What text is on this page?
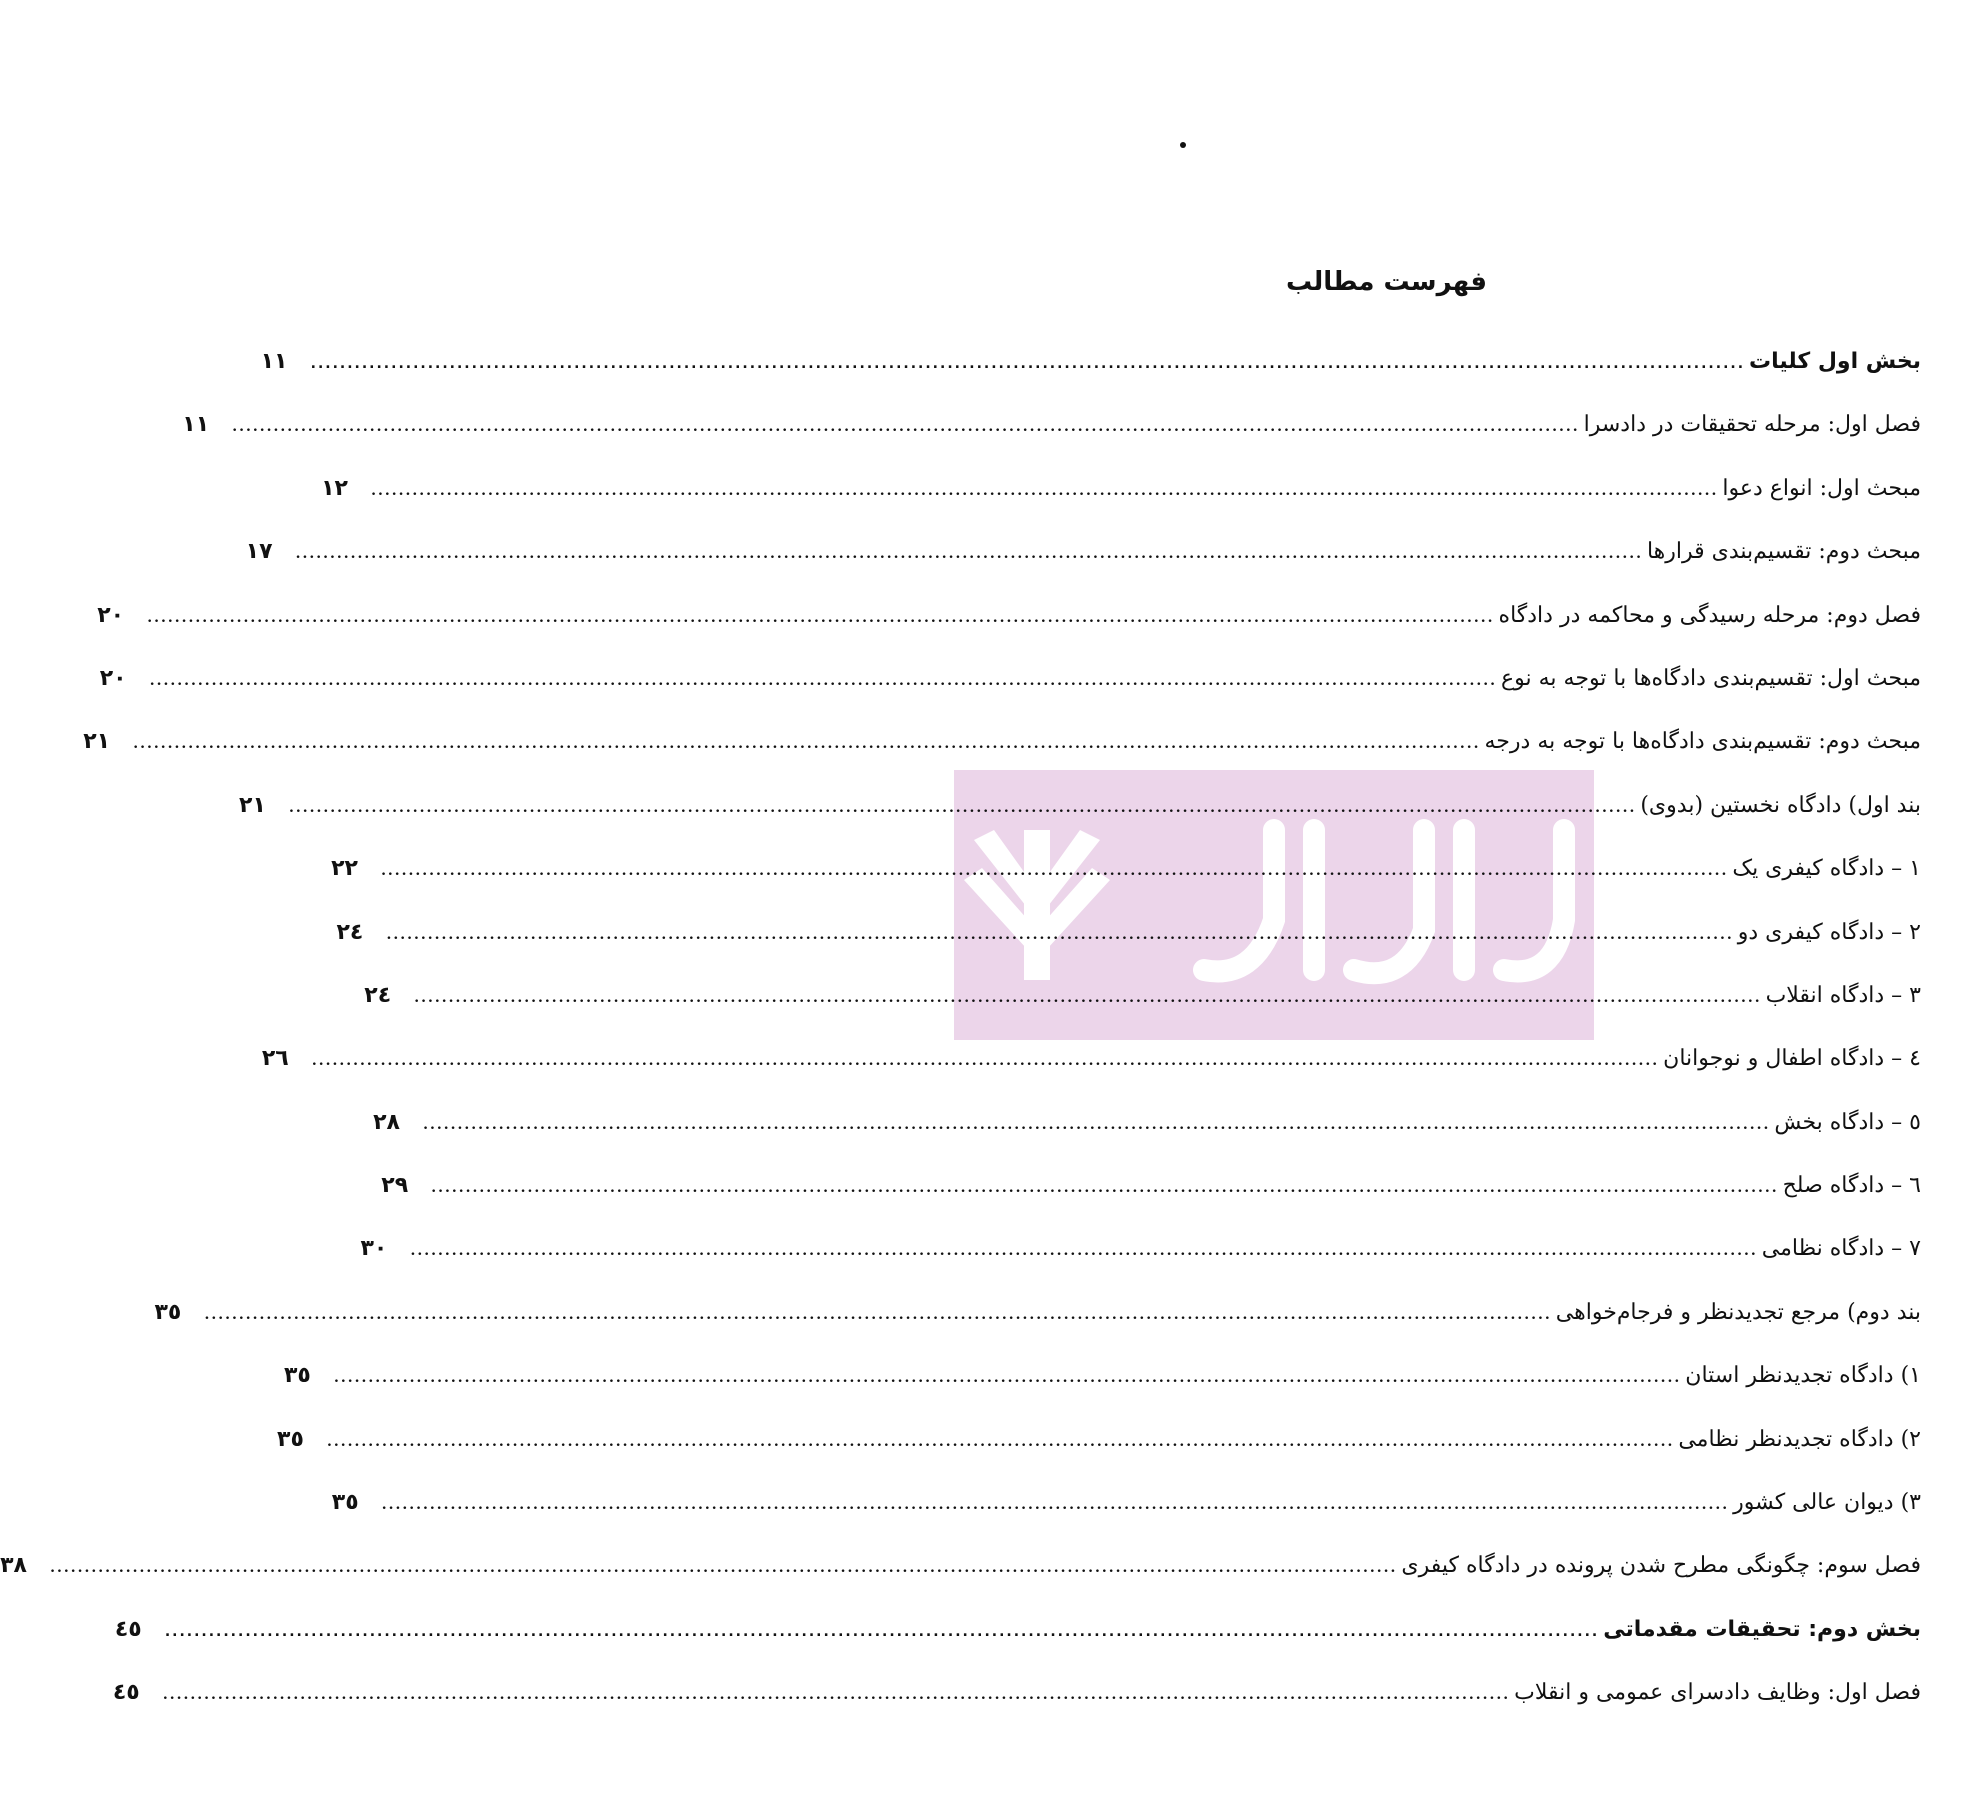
فهرست مطالب
بخش اول کلیات
....................................................................................................................................................................................................
۱۱
فصل اول: مرحله تحقیقات در دادسرا
....................................................................................................................................................................................................
۱۱
مبحث اول: انواع دعوا
....................................................................................................................................................................................................
۱۲
مبحث دوم: تقسیم‌بندی قرارها
....................................................................................................................................................................................................
۱۷
فصل دوم: مرحله رسیدگی و محاکمه در دادگاه
....................................................................................................................................................................................................
۲۰
مبحث اول: تقسیم‌بندی دادگاه‌ها با توجه به نوع
....................................................................................................................................................................................................
۲۰
مبحث دوم: تقسیم‌بندی دادگاه‌ها با توجه به درجه
....................................................................................................................................................................................................
۲۱
بند اول) دادگاه نخستین (بدوی)
....................................................................................................................................................................................................
۲۱
۱ – دادگاه کیفری یک
....................................................................................................................................................................................................
۲۲
۲ – دادگاه کیفری دو
....................................................................................................................................................................................................
۲٤
۳ – دادگاه انقلاب
....................................................................................................................................................................................................
۲٤
٤ – دادگاه اطفال و نوجوانان
....................................................................................................................................................................................................
۲٦
٥ – دادگاه بخش
....................................................................................................................................................................................................
۲۸
٦ – دادگاه صلح
....................................................................................................................................................................................................
۲۹
۷ – دادگاه نظامی
....................................................................................................................................................................................................
۳۰
بند دوم) مرجع تجدیدنظر و فرجام‌خواهی
....................................................................................................................................................................................................
۳٥
۱) دادگاه تجدیدنظر استان
....................................................................................................................................................................................................
۳٥
۲) دادگاه تجدیدنظر نظامی
....................................................................................................................................................................................................
۳٥
۳) دیوان عالی کشور
....................................................................................................................................................................................................
۳٥
فصل سوم: چگونگی مطرح شدن پرونده در دادگاه کیفری
....................................................................................................................................................................................................
۳۸
بخش دوم: تحقیقات مقدماتی
....................................................................................................................................................................................................
٤٥
فصل اول: وظایف دادسرای عمومی و انقلاب
....................................................................................................................................................................................................
٤٥
